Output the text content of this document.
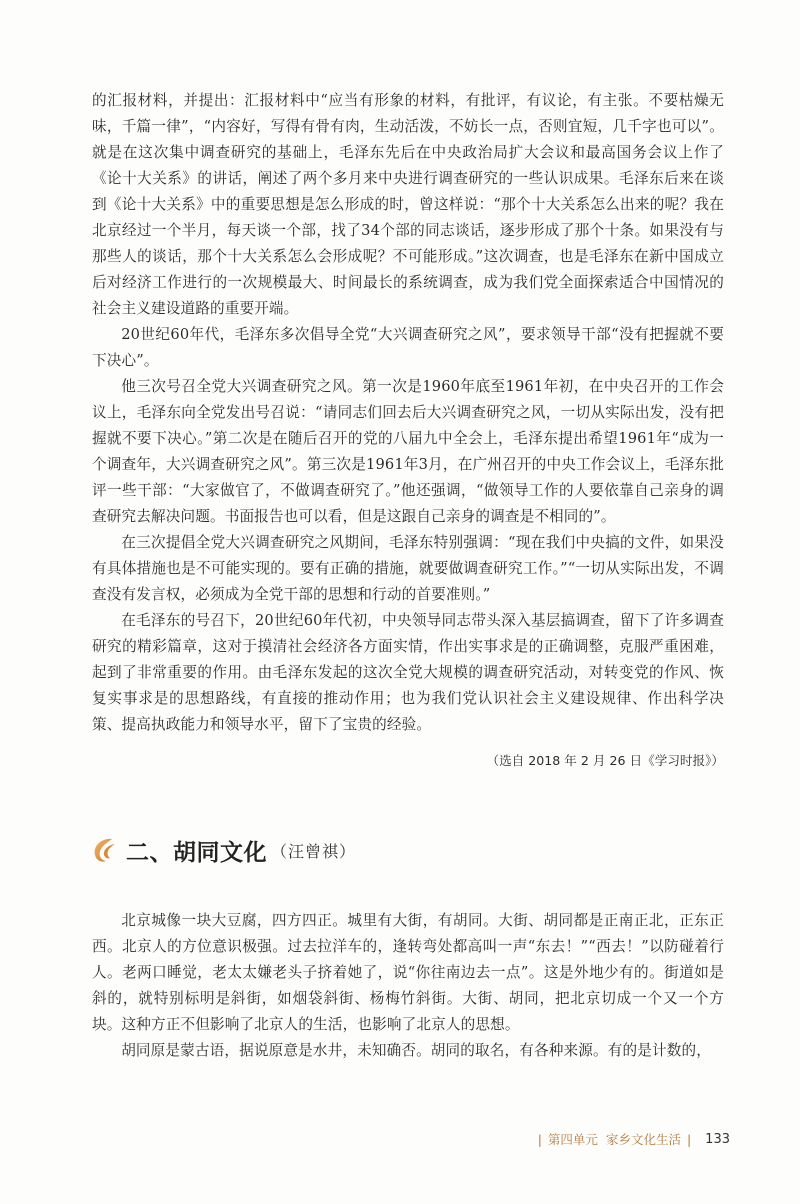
的汇报材料，并提出：汇报材料中“应当有形象的材料，有批评，有议论，有主张。不要枯燥无味，千篇一律”，“内容好，写得有骨有肉，生动活泼，不妨长一点，否则宜短，几千字也可以”。就是在这次集中调查研究的基础上，毛泽东先后在中央政治局扩大会议和最高国务会议上作了《论十大关系》的讲话，阐述了两个多月来中央进行调查研究的一些认识成果。毛泽东后来在谈到《论十大关系》中的重要思想是怎么形成的时，曾这样说：“那个十大关系怎么出来的呢？我在北京经过一个半月，每天谈一个部，找了34个部的同志谈话，逐步形成了那个十条。如果没有与那些人的谈话，那个十大关系怎么会形成呢？不可能形成。”这次调查，也是毛泽东在新中国成立后对经济工作进行的一次规模最大、时间最长的系统调查，成为我们党全面探索适合中国情况的社会主义建设道路的重要开端。

20世纪60年代，毛泽东多次倡导全党“大兴调查研究之风”，要求领导干部“没有把握就不要下决心”。

他三次号召全党大兴调查研究之风。第一次是1960年底至1961年初，在中央召开的工作会议上，毛泽东向全党发出号召说：“请同志们回去后大兴调查研究之风，一切从实际出发，没有把握就不要下决心。”第二次是在随后召开的党的八届九中全会上，毛泽东提出希望1961年“成为一个调查年，大兴调查研究之风”。第三次是1961年3月，在广州召开的中央工作会议上，毛泽东批评一些干部：“大家做官了，不做调查研究了。”他还强调，“做领导工作的人要依靠自己亲身的调查研究去解决问题。书面报告也可以看，但是这跟自己亲身的调查是不相同的”。

在三次提倡全党大兴调查研究之风期间，毛泽东特别强调：“现在我们中央搞的文件，如果没有具体措施也是不可能实现的。要有正确的措施，就要做调查研究工作。”“一切从实际出发，不调查没有发言权，必须成为全党干部的思想和行动的首要准则。”

在毛泽东的号召下，20世纪60年代初，中央领导同志带头深入基层搞调查，留下了许多调查研究的精彩篇章，这对于摸清社会经济各方面实情，作出实事求是的正确调整，克服严重困难，起到了非常重要的作用。由毛泽东发起的这次全党大规模的调查研究活动，对转变党的作风、恢复实事求是的思想路线，有直接的推动作用；也为我们党认识社会主义建设规律、作出科学决策、提高执政能力和领导水平，留下了宝贵的经验。

（选自 2018 年 2 月 26 日《学习时报》）
二、胡同文化 （汪曾祺）

北京城像一块大豆腐，四方四正。城里有大街，有胡同。大街、胡同都是正南正北，正东正西。北京人的方位意识极强。过去拉洋车的，逢转弯处都高叫一声“东去！”“西去！”以防碰着行人。老两口睡觉，老太太嫌老头子挤着她了，说“你往南边去一点”。这是外地少有的。街道如是斜的，就特别标明是斜街，如烟袋斜街、杨梅竹斜街。大街、胡同，把北京切成一个又一个方块。这种方正不但影响了北京人的生活，也影响了北京人的思想。

胡同原是蒙古语，据说原意是水井，未知确否。胡同的取名，有各种来源。有的是计数的，

| 第四单元 家乡文化生活 | 133
